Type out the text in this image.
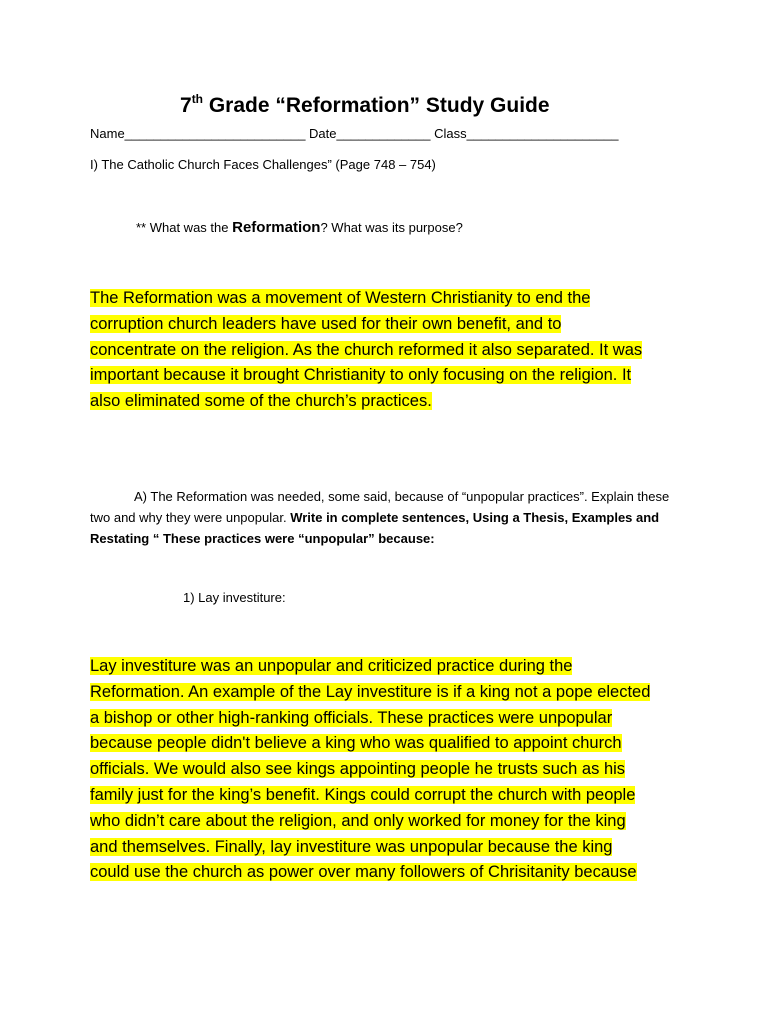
7th Grade “Reformation” Study Guide
Name_________________________ Date_____________ Class_____________________
I) The Catholic Church Faces Challenges” (Page 748 – 754)
** What was the Reformation? What was its purpose?
The Reformation was a movement of Western Christianity to end the
corruption church leaders have used for their own benefit, and to
concentrate on the religion. As the church reformed it also separated. It was
important because it brought Christianity to only focusing on the religion. It
also eliminated some of the church’s practices.
A) The Reformation was needed, some said, because of “unpopular practices”. Explain these two and why they were unpopular. Write in complete sentences, Using a Thesis, Examples and Restating “ These practices were “unpopular” because:
1) Lay investiture:
Lay investiture was an unpopular and criticized practice during the
Reformation. An example of the Lay investiture is if a king not a pope elected
a bishop or other high-ranking officials. These practices were unpopular
because people didn't believe a king who was qualified to appoint church
officials. We would also see kings appointing people he trusts such as his
family just for the king’s benefit. Kings could corrupt the church with people
who didn’t care about the religion, and only worked for money for the king
and themselves. Finally, lay investiture was unpopular because the king
could use the church as power over many followers of Chrisitanity because
